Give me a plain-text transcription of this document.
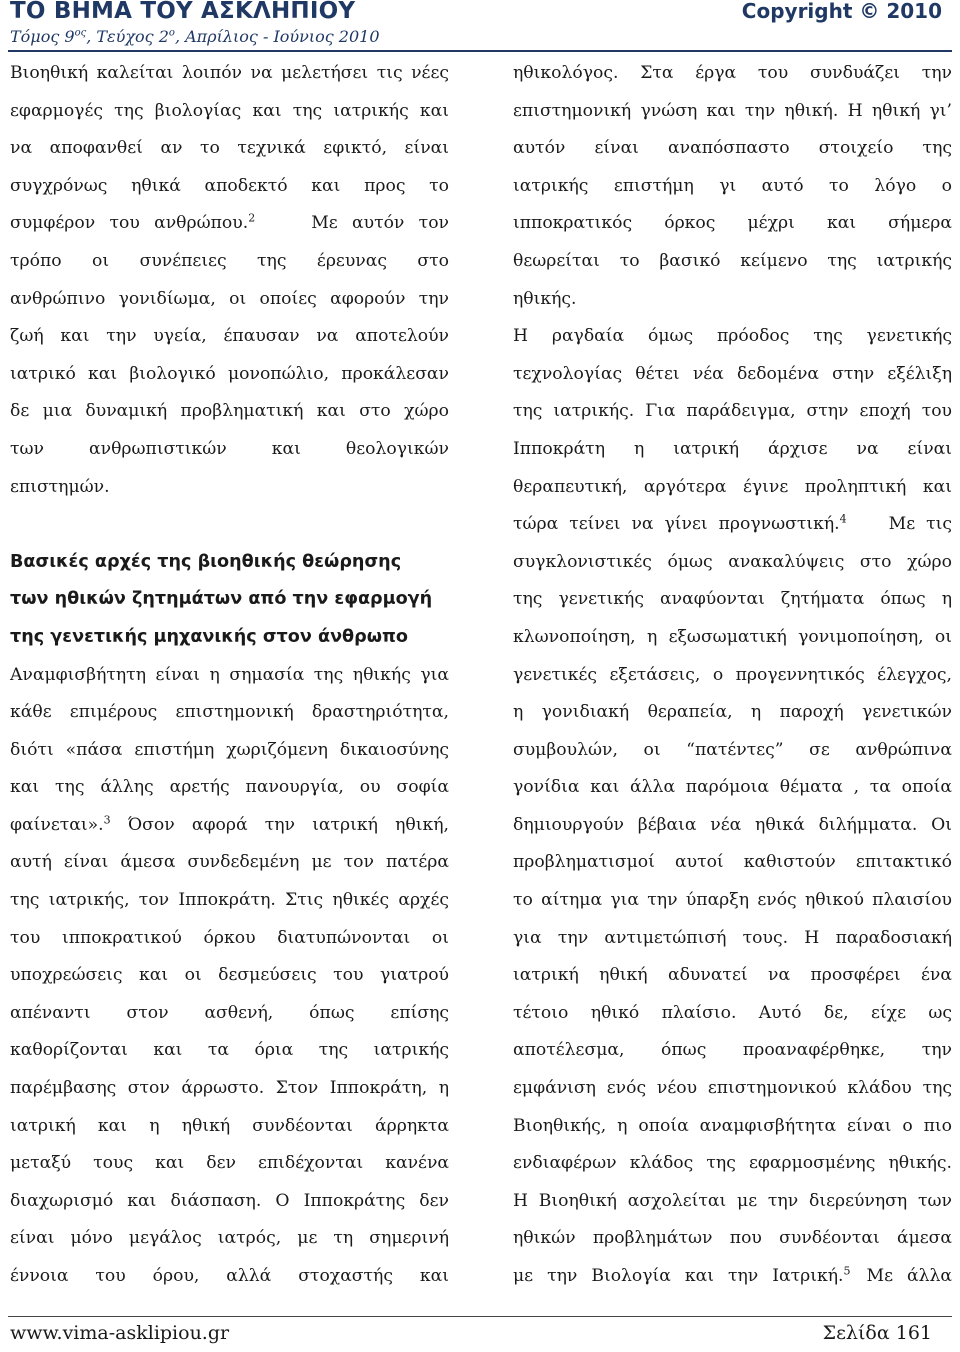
ΤΟ ΒΗΜΑ ΤΟΥ ΑΣΚΛΗΠΙΟΥ	Copyright © 2010
Τόμος $9^{o\varsigma}$, Τεύχος $2^o$, Απρίλιος - Ιούνιος 2010
Βιοηθική καλείται λοιπόν να μελετήσει τις νέες
εφαρμογές της βιολογίας και της ιατρικής και
να αποφανθεί αν το τεχνικά εφικτό, είναι
συγχρόνως ηθικά αποδεκτό και προς το
συμφέρον του ανθρώπου.$^2$	Με αυτόν τον
τρόπο οι συνέπειες της έρευνας στο
ανθρώπινο γονιδίωμα, οι οποίες αφορούν την
ζωή και την υγεία, έπαυσαν να αποτελούν
ιατρικό και βιολογικό μονοπώλιο, προκάλεσαν
δε μια δυναμική προβληματική και στο χώρο
των ανθρωπιστικών και θεολογικών
επιστημών.
Βασικές αρχές της βιοηθικής θεώρησης
των ηθικών ζητημάτων από την εφαρμογή
της γενετικής μηχανικής στον άνθρωπο
Αναμφισβήτητη είναι η σημασία της ηθικής για
κάθε επιμέρους επιστημονική δραστηριότητα,
διότι «πάσα επιστήμη χωριζόμενη δικαιοσύνης
και της άλλης αρετής πανουργία, ου σοφία
φαίνεται».$^3$ Όσον αφορά την ιατρική ηθική,
αυτή είναι άμεσα συνδεδεμένη με τον πατέρα
της ιατρικής, τον Ιπποκράτη. Στις ηθικές αρχές
του ιπποκρατικού όρκου διατυπώνονται οι
υποχρεώσεις και οι δεσμεύσεις του γιατρού
απέναντι στον ασθενή, όπως επίσης
καθορίζονται και τα όρια της ιατρικής
παρέμβασης στον άρρωστο. Στον Ιπποκράτη, η
ιατρική και η ηθική συνδέονται άρρηκτα
μεταξύ τους και δεν επιδέχονται κανένα
διαχωρισμό και διάσπαση. Ο Ιπποκράτης δεν
είναι μόνο μεγάλος ιατρός, με τη σημερινή
έννοια του όρου, αλλά στοχαστής και
ηθικολόγος. Στα έργα του συνδυάζει την
επιστημονική γνώση και την ηθική. Η ηθική γι’
αυτόν είναι αναπόσπαστο στοιχείο της
ιατρικής επιστήμη γι αυτό το λόγο ο
ιπποκρατικός όρκος μέχρι και σήμερα
θεωρείται το βασικό κείμενο της ιατρικής
ηθικής.
Η ραγδαία όμως πρόοδος της γενετικής
τεχνολογίας θέτει νέα δεδομένα στην εξέλιξη
της ιατρικής. Για παράδειγμα, στην εποχή του
Ιπποκράτη η ιατρική άρχισε να είναι
θεραπευτική, αργότερα έγινε προληπτική και
τώρα τείνει να γίνει προγνωστική.$^4$ Με τις
συγκλονιστικές όμως ανακαλύψεις στο χώρο
της γενετικής αναφύονται ζητήματα όπως η
κλωνοποίηση, η εξωσωματική γονιμοποίηση, οι
γενετικές εξετάσεις, ο προγεννητικός έλεγχος,
η γονιδιακή θεραπεία, η παροχή γενετικών
συμβουλών, οι “πατέντες” σε ανθρώπινα
γονίδια και άλλα παρόμοια θέματα , τα οποία
δημιουργούν βέβαια νέα ηθικά διλήμματα. Οι
προβληματισμοί αυτοί καθιστούν επιτακτικό
το αίτημα για την ύπαρξη ενός ηθικού πλαισίου
για την αντιμετώπισή τους. Η παραδοσιακή
ιατρική ηθική αδυνατεί να προσφέρει ένα
τέτοιο ηθικό πλαίσιο. Αυτό δε, είχε ως
αποτέλεσμα, όπως προαναφέρθηκε, την
εμφάνιση ενός νέου επιστημονικού κλάδου της
Βιοηθικής, η οποία αναμφισβήτητα είναι ο πιο
ενδιαφέρων κλάδος της εφαρμοσμένης ηθικής.
Η Βιοηθική ασχολείται με την διερεύνηση των
ηθικών προβλημάτων που συνδέονται άμεσα
με την Βιολογία και την Ιατρική.$^5$ Με άλλα
www.vima-asklipiou.gr	Σελίδα 161
